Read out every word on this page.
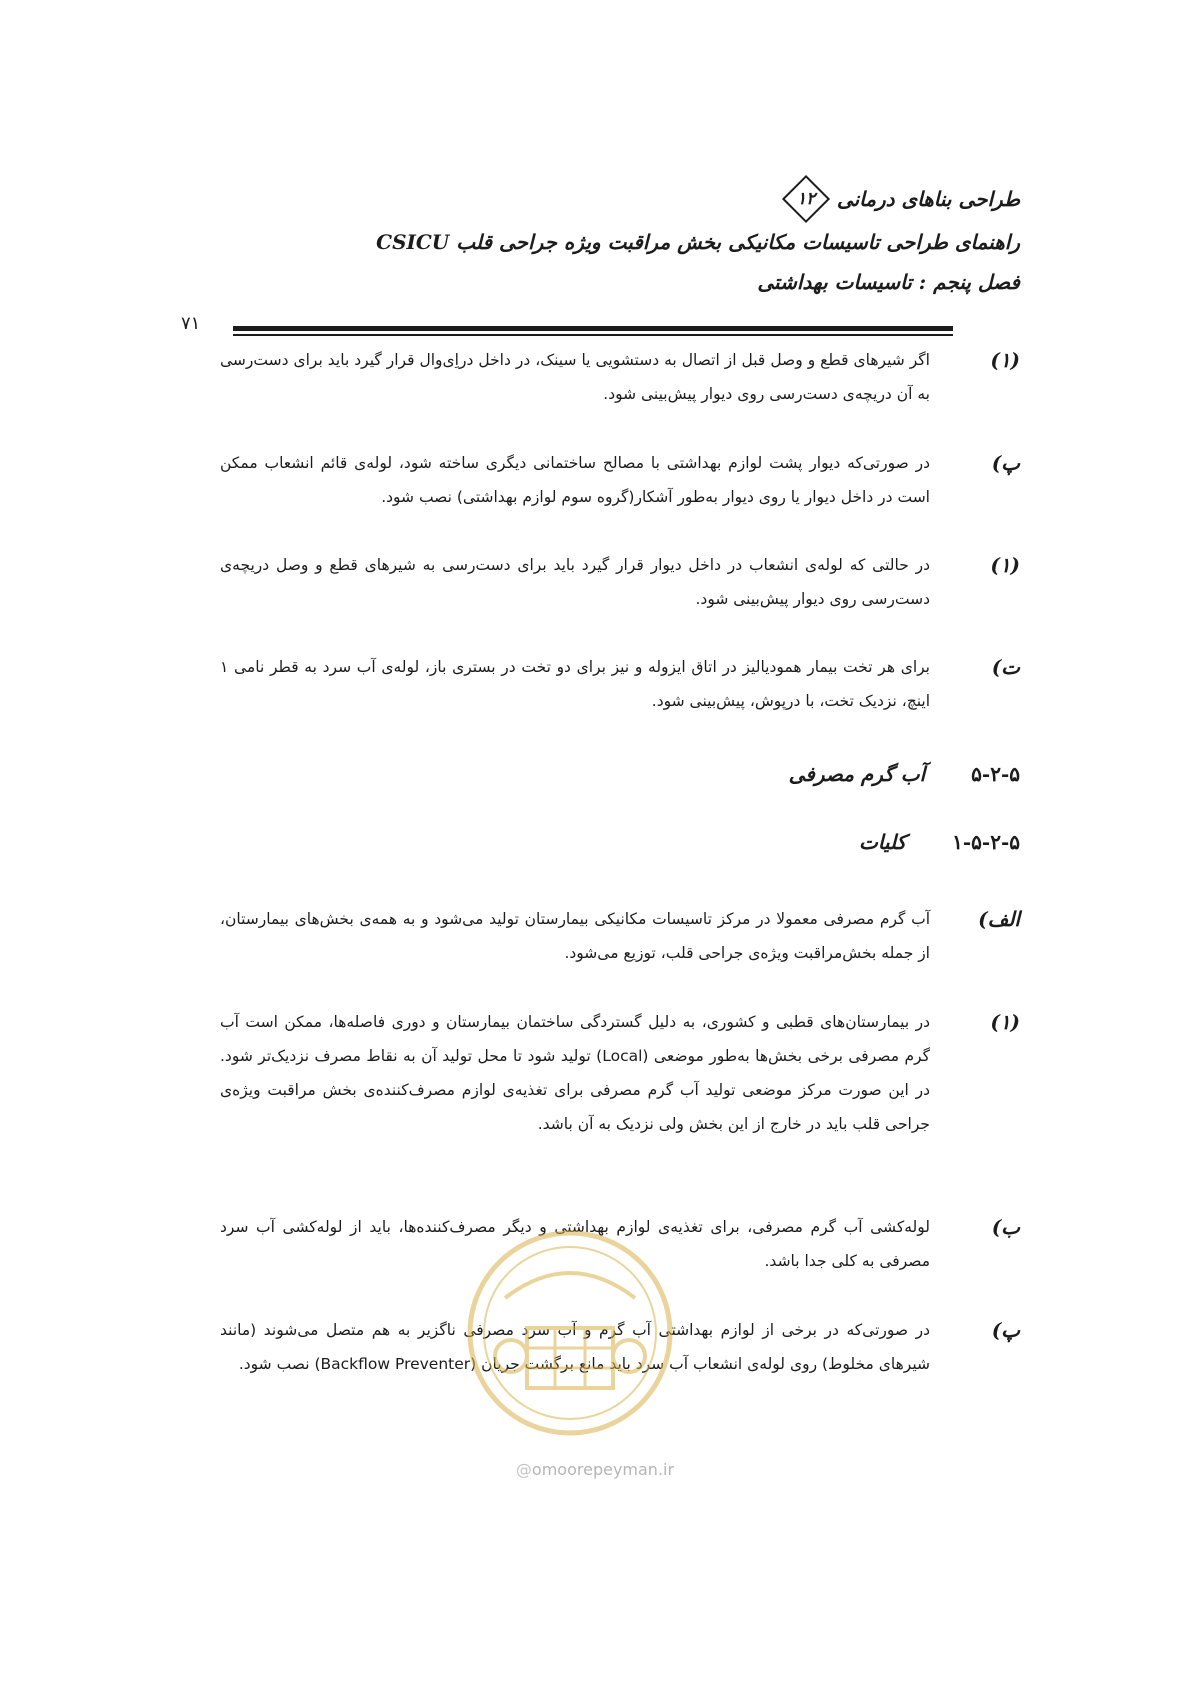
طراحی بناهای درمانی
۱۲
راهنمای طراحی تاسیسات مکانیکی بخش مراقبت ویژه جراحی قلب CSICU
فصل پنجم : تاسیسات بهداشتی
۷۱
(۱)
اگر شیرهای قطع و وصل قبل از اتصال به دستشویی یا سینک، در داخل دراِی‌وال قرار گیرد باید برای دست‌رسی به آن دریچه‌ی دست‌رسی روی دیوار پیش‌بینی شود.
پ)
در صورتی‌که دیوار پشت لوازم بهداشتی با مصالح ساختمانی دیگری ساخته شود، لوله‌ی قائم انشعاب ممکن است در داخل دیوار یا روی دیوار به‌طور آشکار(گروه سوم لوازم بهداشتی) نصب شود.
(۱)
در حالتی که لوله‌ی انشعاب در داخل دیوار قرار گیرد باید برای دست‌رسی به شیرهای قطع و وصل دریچه‌ی دست‌رسی روی دیوار پیش‌بینی شود.
ت)
برای هر تخت بیمار همودیالیز در اتاق ایزوله و نیز برای دو تخت در بستری باز، لوله‌ی آب سرد به قطر نامی ۱ اینچ، نزدیک تخت، با درپوش، پیش‌بینی شود.
۵-۲-۵
آب گرم مصرفی
۱-۵-۲-۵
کلیات
الف)
آب گرم مصرفی معمولا در مرکز تاسیسات مکانیکی بیمارستان تولید می‌شود و به همه‌ی بخش‌های بیمارستان، از جمله بخش‌مراقبت ویژه‌ی جراحی قلب، توزیع می‌شود.
(۱)
در بیمارستان‌های قطبی و کشوری، به دلیل گستردگی ساختمان بیمارستان و دوری فاصله‌ها، ممکن است آب گرم مصرفی برخی بخش‌ها به‌طور موضعی (Local) تولید شود تا محل تولید آن به نقاط مصرف نزدیک‌تر شود. در این صورت مرکز موضعی تولید آب گرم مصرفی برای تغذیه‌ی لوازم مصرف‌کننده‌ی بخش مراقبت ویژه‌ی جراحی قلب باید در خارج از این بخش ولی نزدیک به آن باشد.
ب)
لوله‌کشی آب گرم مصرفی، برای تغذیه‌ی لوازم بهداشتی و دیگر مصرف‌کننده‌ها، باید از لوله‌کشی آب سرد مصرفی به کلی جدا باشد.
پ)
در صورتی‌که در برخی از لوازم بهداشتی آب گرم و آب سرد مصرفی ناگزیر به هم متصل می‌شوند (مانند شیرهای مخلوط) روی لوله‌ی انشعاب آب سرد باید مانع برگشت جریان (Backflow Preventer) نصب شود.
@omoorepeyman.ir
